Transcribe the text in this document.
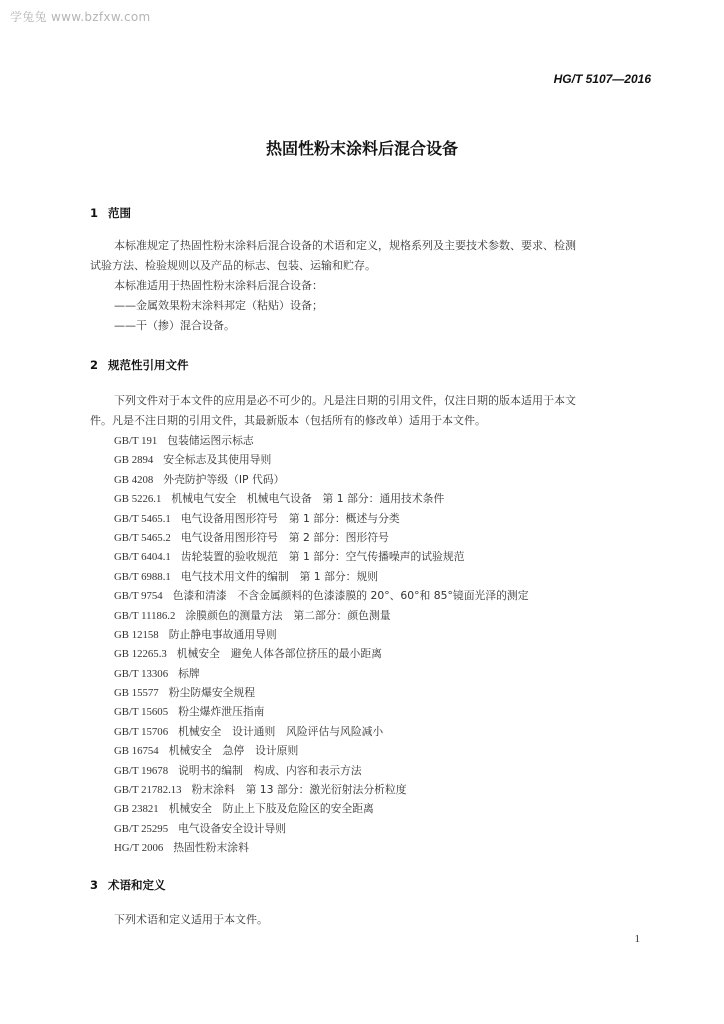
学兔兔 www.bzfxw.com
HG/T 5107—2016
热固性粉末涂料后混合设备
1 范围
本标准规定了热固性粉末涂料后混合设备的术语和定义，规格系列及主要技术参数、要求、检测
试验方法、检验规则以及产品的标志、包装、运输和贮存。
本标准适用于热固性粉末涂料后混合设备：
——金属效果粉末涂料邦定（粘贴）设备；
——干（掺）混合设备。
2 规范性引用文件
下列文件对于本文件的应用是必不可少的。凡是注日期的引用文件，仅注日期的版本适用于本文
件。凡是不注日期的引用文件，其最新版本（包括所有的修改单）适用于本文件。
GB/T 191 包装储运图示标志
GB 2894 安全标志及其使用导则
GB 4208 外壳防护等级（IP 代码）
GB 5226.1 机械电气安全　机械电气设备　第 1 部分：通用技术条件
GB/T 5465.1 电气设备用图形符号　第 1 部分：概述与分类
GB/T 5465.2 电气设备用图形符号　第 2 部分：图形符号
GB/T 6404.1 齿轮装置的验收规范　第 1 部分：空气传播噪声的试验规范
GB/T 6988.1 电气技术用文件的编制　第 1 部分：规则
GB/T 9754 色漆和清漆　不含金属颜料的色漆漆膜的 20°、60°和 85°镜面光泽的测定
GB/T 11186.2 涂膜颜色的测量方法　第二部分：颜色测量
GB 12158 防止静电事故通用导则
GB 12265.3 机械安全　避免人体各部位挤压的最小距离
GB/T 13306 标牌
GB 15577 粉尘防爆安全规程
GB/T 15605 粉尘爆炸泄压指南
GB/T 15706 机械安全　设计通则　风险评估与风险减小
GB 16754 机械安全　急停　设计原则
GB/T 19678 说明书的编制　构成、内容和表示方法
GB/T 21782.13 粉末涂料　第 13 部分：激光衍射法分析粒度
GB 23821 机械安全　防止上下肢及危险区的安全距离
GB/T 25295 电气设备安全设计导则
HG/T 2006 热固性粉末涂料
3 术语和定义
下列术语和定义适用于本文件。
1
